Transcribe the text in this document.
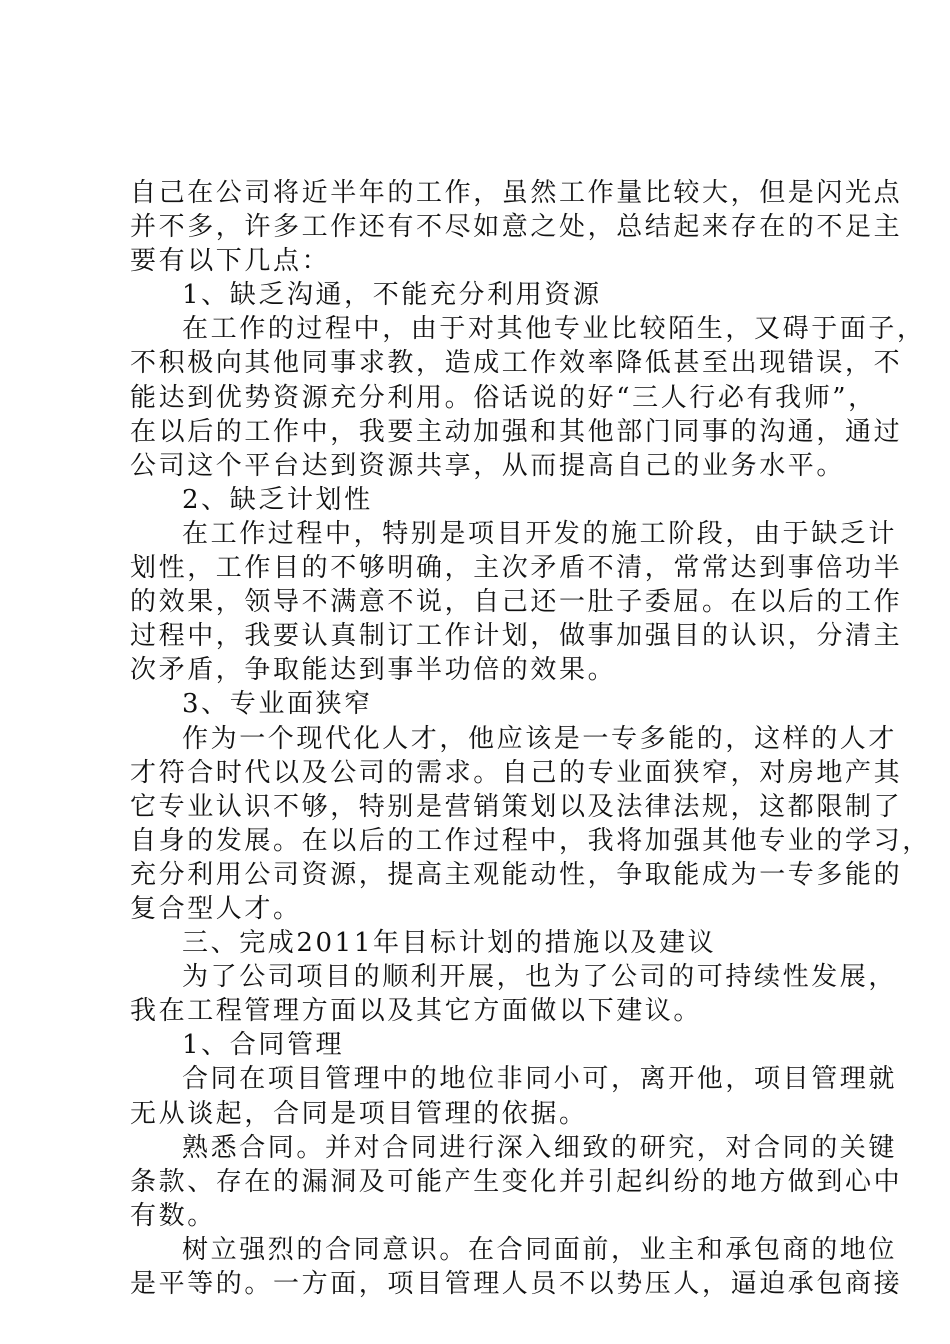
自己在公司将近半年的工作，虽然工作量比较大，但是闪光点
并不多，许多工作还有不尽如意之处，总结起来存在的不足主
要有以下几点：
1、缺乏沟通，不能充分利用资源
在工作的过程中，由于对其他专业比较陌生，又碍于面子，
不积极向其他同事求教，造成工作效率降低甚至出现错误，不
能达到优势资源充分利用。俗话说的好“三人行必有我师”，
在以后的工作中，我要主动加强和其他部门同事的沟通，通过
公司这个平台达到资源共享，从而提高自己的业务水平。
2、缺乏计划性
在工作过程中，特别是项目开发的施工阶段，由于缺乏计
划性，工作目的不够明确，主次矛盾不清，常常达到事倍功半
的效果，领导不满意不说，自己还一肚子委屈。在以后的工作
过程中，我要认真制订工作计划，做事加强目的认识，分清主
次矛盾，争取能达到事半功倍的效果。
3、专业面狭窄
作为一个现代化人才，他应该是一专多能的，这样的人才
才符合时代以及公司的需求。自己的专业面狭窄，对房地产其
它专业认识不够，特别是营销策划以及法律法规，这都限制了
自身的发展。在以后的工作过程中，我将加强其他专业的学习，
充分利用公司资源，提高主观能动性，争取能成为一专多能的
复合型人才。
三、完成2011年目标计划的措施以及建议
为了公司项目的顺利开展，也为了公司的可持续性发展，
我在工程管理方面以及其它方面做以下建议。
1、合同管理
合同在项目管理中的地位非同小可，离开他，项目管理就
无从谈起，合同是项目管理的依据。
熟悉合同。并对合同进行深入细致的研究，对合同的关键
条款、存在的漏洞及可能产生变化并引起纠纷的地方做到心中
有数。
树立强烈的合同意识。在合同面前，业主和承包商的地位
是平等的。一方面，项目管理人员不以势压人，逼迫承包商接
